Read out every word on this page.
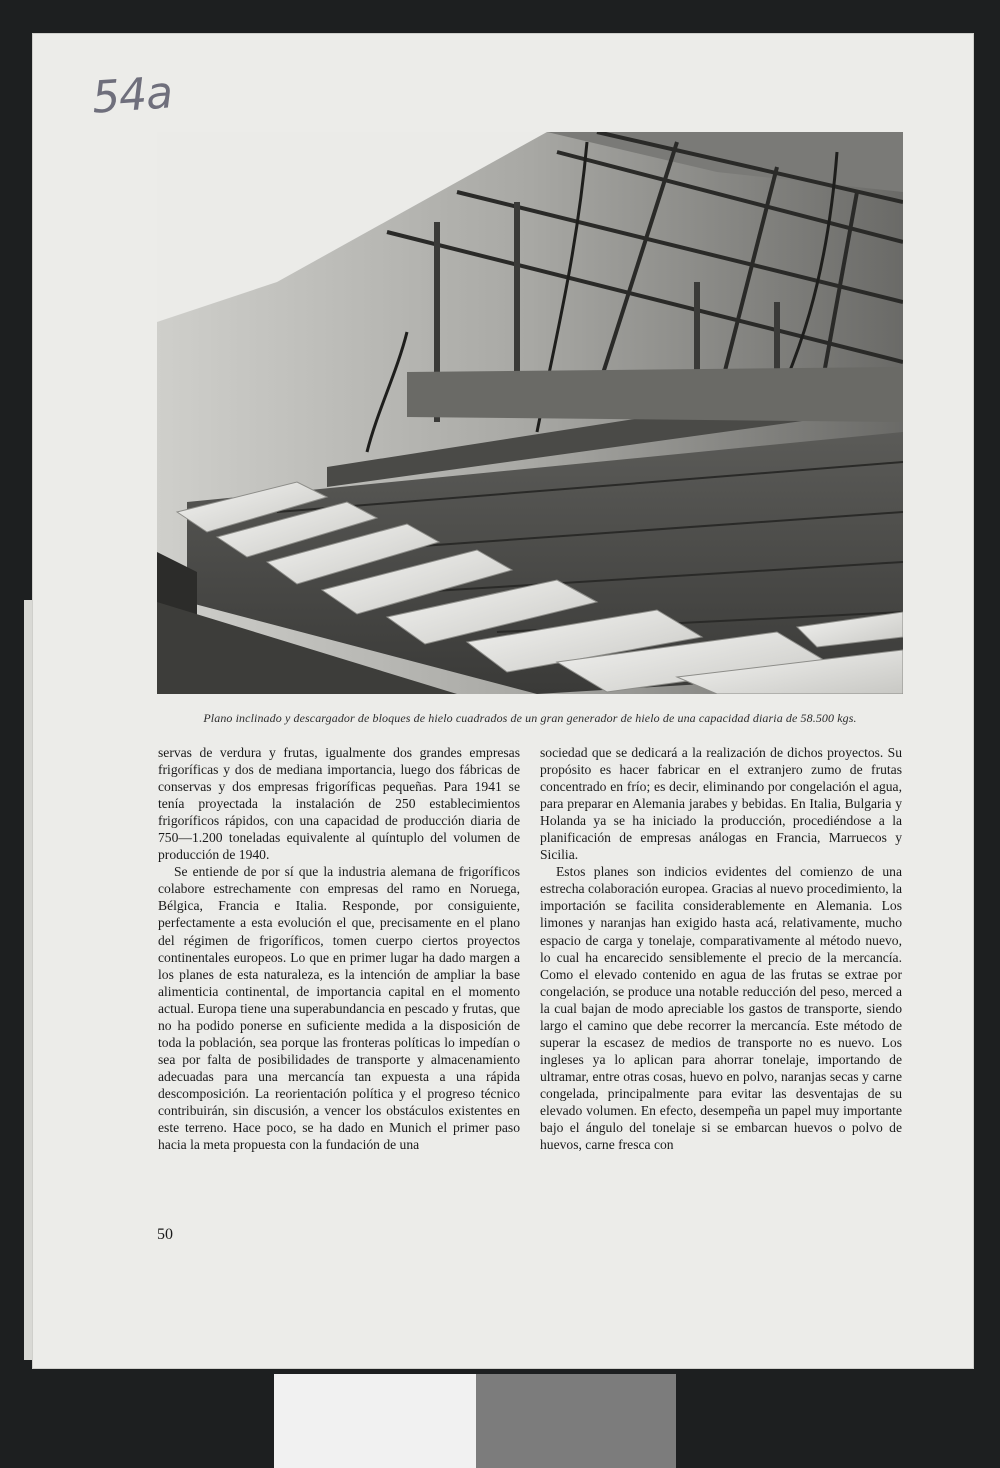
54a
Plano inclinado y descargador de bloques de hielo cuadrados de un gran generador de hielo de una capacidad diaria de 58.500 kgs.

servas de verdura y frutas, igualmente dos grandes empresas frigoríficas y dos de mediana importancia, luego dos fábricas de conservas y dos empresas frigoríficas pequeñas. Para 1941 se tenía proyectada la instalación de 250 establecimientos frigoríficos rápidos, con una capacidad de producción diaria de 750—1.200 toneladas equivalente al quíntuplo del volumen de producción de 1940.

Se entiende de por sí que la industria alemana de frigoríficos colabore estrechamente con empresas del ramo en Noruega, Bélgica, Francia e Italia. Responde, por consiguiente, perfectamente a esta evolución el que, precisamente en el plano del régimen de frigoríficos, tomen cuerpo ciertos proyectos continentales europeos. Lo que en primer lugar ha dado margen a los planes de esta naturaleza, es la intención de ampliar la base alimenticia continental, de importancia capital en el momento actual. Europa tiene una superabundancia en pescado y frutas, que no ha podido ponerse en suficiente medida a la disposición de toda la población, sea porque las fronteras políticas lo impedían o sea por falta de posibilidades de transporte y almacenamiento adecuadas para una mercancía tan expuesta a una rápida descomposición. La reorientación política y el progreso técnico contribuirán, sin discusión, a vencer los obstáculos existentes en este terreno. Hace poco, se ha dado en Munich el primer paso hacia la meta propuesta con la fundación de una

sociedad que se dedicará a la realización de dichos proyectos. Su propósito es hacer fabricar en el extranjero zumo de frutas concentrado en frío; es decir, eliminando por congelación el agua, para preparar en Alemania jarabes y bebidas. En Italia, Bulgaria y Holanda ya se ha iniciado la producción, procediéndose a la planificación de empresas análogas en Francia, Marruecos y Sicilia.

Estos planes son indicios evidentes del comienzo de una estrecha colaboración europea. Gracias al nuevo procedimiento, la importación se facilita considerablemente en Alemania. Los limones y naranjas han exigido hasta acá, relativamente, mucho espacio de carga y tonelaje, comparativamente al método nuevo, lo cual ha encarecido sensiblemente el precio de la mercancía. Como el elevado contenido en agua de las frutas se extrae por congelación, se produce una notable reducción del peso, merced a la cual bajan de modo apreciable los gastos de transporte, siendo largo el camino que debe recorrer la mercancía. Este método de superar la escasez de medios de transporte no es nuevo. Los ingleses ya lo aplican para ahorrar tonelaje, importando de ultramar, entre otras cosas, huevo en polvo, naranjas secas y carne congelada, principalmente para evitar las desventajas de su elevado volumen. En efecto, desempeña un papel muy importante bajo el ángulo del tonelaje si se embarcan huevos o polvo de huevos, carne fresca con

50
